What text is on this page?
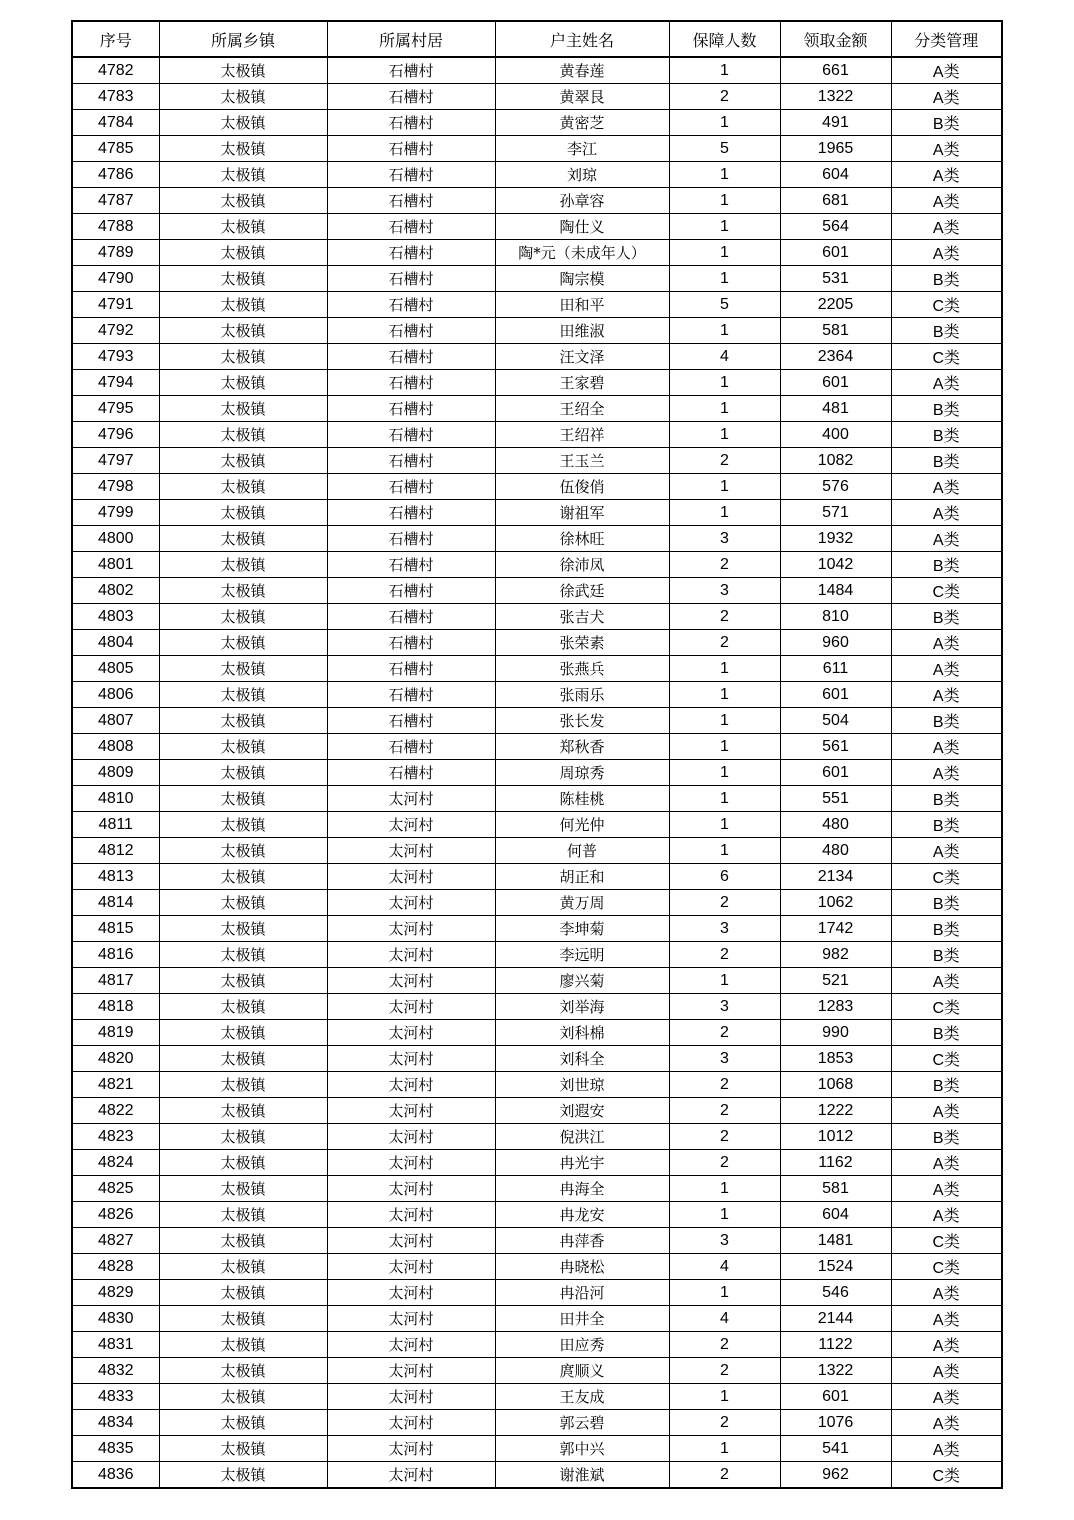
序号	所属乡镇	所属村居	户主姓名	保障人数	领取金额	分类管理
4782	太极镇	石槽村	黄春莲	1	661	A类
4783	太极镇	石槽村	黄翠艮	2	1322	A类
4784	太极镇	石槽村	黄密芝	1	491	B类
4785	太极镇	石槽村	李江	5	1965	A类
4786	太极镇	石槽村	刘琼	1	604	A类
4787	太极镇	石槽村	孙章容	1	681	A类
4788	太极镇	石槽村	陶仕义	1	564	A类
4789	太极镇	石槽村	陶*元（未成年人）	1	601	A类
4790	太极镇	石槽村	陶宗模	1	531	B类
4791	太极镇	石槽村	田和平	5	2205	C类
4792	太极镇	石槽村	田维淑	1	581	B类
4793	太极镇	石槽村	汪文泽	4	2364	C类
4794	太极镇	石槽村	王家碧	1	601	A类
4795	太极镇	石槽村	王绍全	1	481	B类
4796	太极镇	石槽村	王绍祥	1	400	B类
4797	太极镇	石槽村	王玉兰	2	1082	B类
4798	太极镇	石槽村	伍俊俏	1	576	A类
4799	太极镇	石槽村	谢祖军	1	571	A类
4800	太极镇	石槽村	徐林旺	3	1932	A类
4801	太极镇	石槽村	徐沛凤	2	1042	B类
4802	太极镇	石槽村	徐武廷	3	1484	C类
4803	太极镇	石槽村	张吉犬	2	810	B类
4804	太极镇	石槽村	张荣素	2	960	A类
4805	太极镇	石槽村	张燕兵	1	611	A类
4806	太极镇	石槽村	张雨乐	1	601	A类
4807	太极镇	石槽村	张长发	1	504	B类
4808	太极镇	石槽村	郑秋香	1	561	A类
4809	太极镇	石槽村	周琼秀	1	601	A类
4810	太极镇	太河村	陈桂桃	1	551	B类
4811	太极镇	太河村	何光仲	1	480	B类
4812	太极镇	太河村	何普	1	480	A类
4813	太极镇	太河村	胡正和	6	2134	C类
4814	太极镇	太河村	黄万周	2	1062	B类
4815	太极镇	太河村	李坤菊	3	1742	B类
4816	太极镇	太河村	李远明	2	982	B类
4817	太极镇	太河村	廖兴菊	1	521	A类
4818	太极镇	太河村	刘举海	3	1283	C类
4819	太极镇	太河村	刘科棉	2	990	B类
4820	太极镇	太河村	刘科全	3	1853	C类
4821	太极镇	太河村	刘世琼	2	1068	B类
4822	太极镇	太河村	刘遐安	2	1222	A类
4823	太极镇	太河村	倪洪江	2	1012	B类
4824	太极镇	太河村	冉光宇	2	1162	A类
4825	太极镇	太河村	冉海全	1	581	A类
4826	太极镇	太河村	冉龙安	1	604	A类
4827	太极镇	太河村	冉萍香	3	1481	C类
4828	太极镇	太河村	冉晓松	4	1524	C类
4829	太极镇	太河村	冉沿河	1	546	A类
4830	太极镇	太河村	田井全	4	2144	A类
4831	太极镇	太河村	田应秀	2	1122	A类
4832	太极镇	太河村	庹顺义	2	1322	A类
4833	太极镇	太河村	王友成	1	601	A类
4834	太极镇	太河村	郭云碧	2	1076	A类
4835	太极镇	太河村	郭中兴	1	541	A类
4836	太极镇	太河村	谢淮斌	2	962	C类
